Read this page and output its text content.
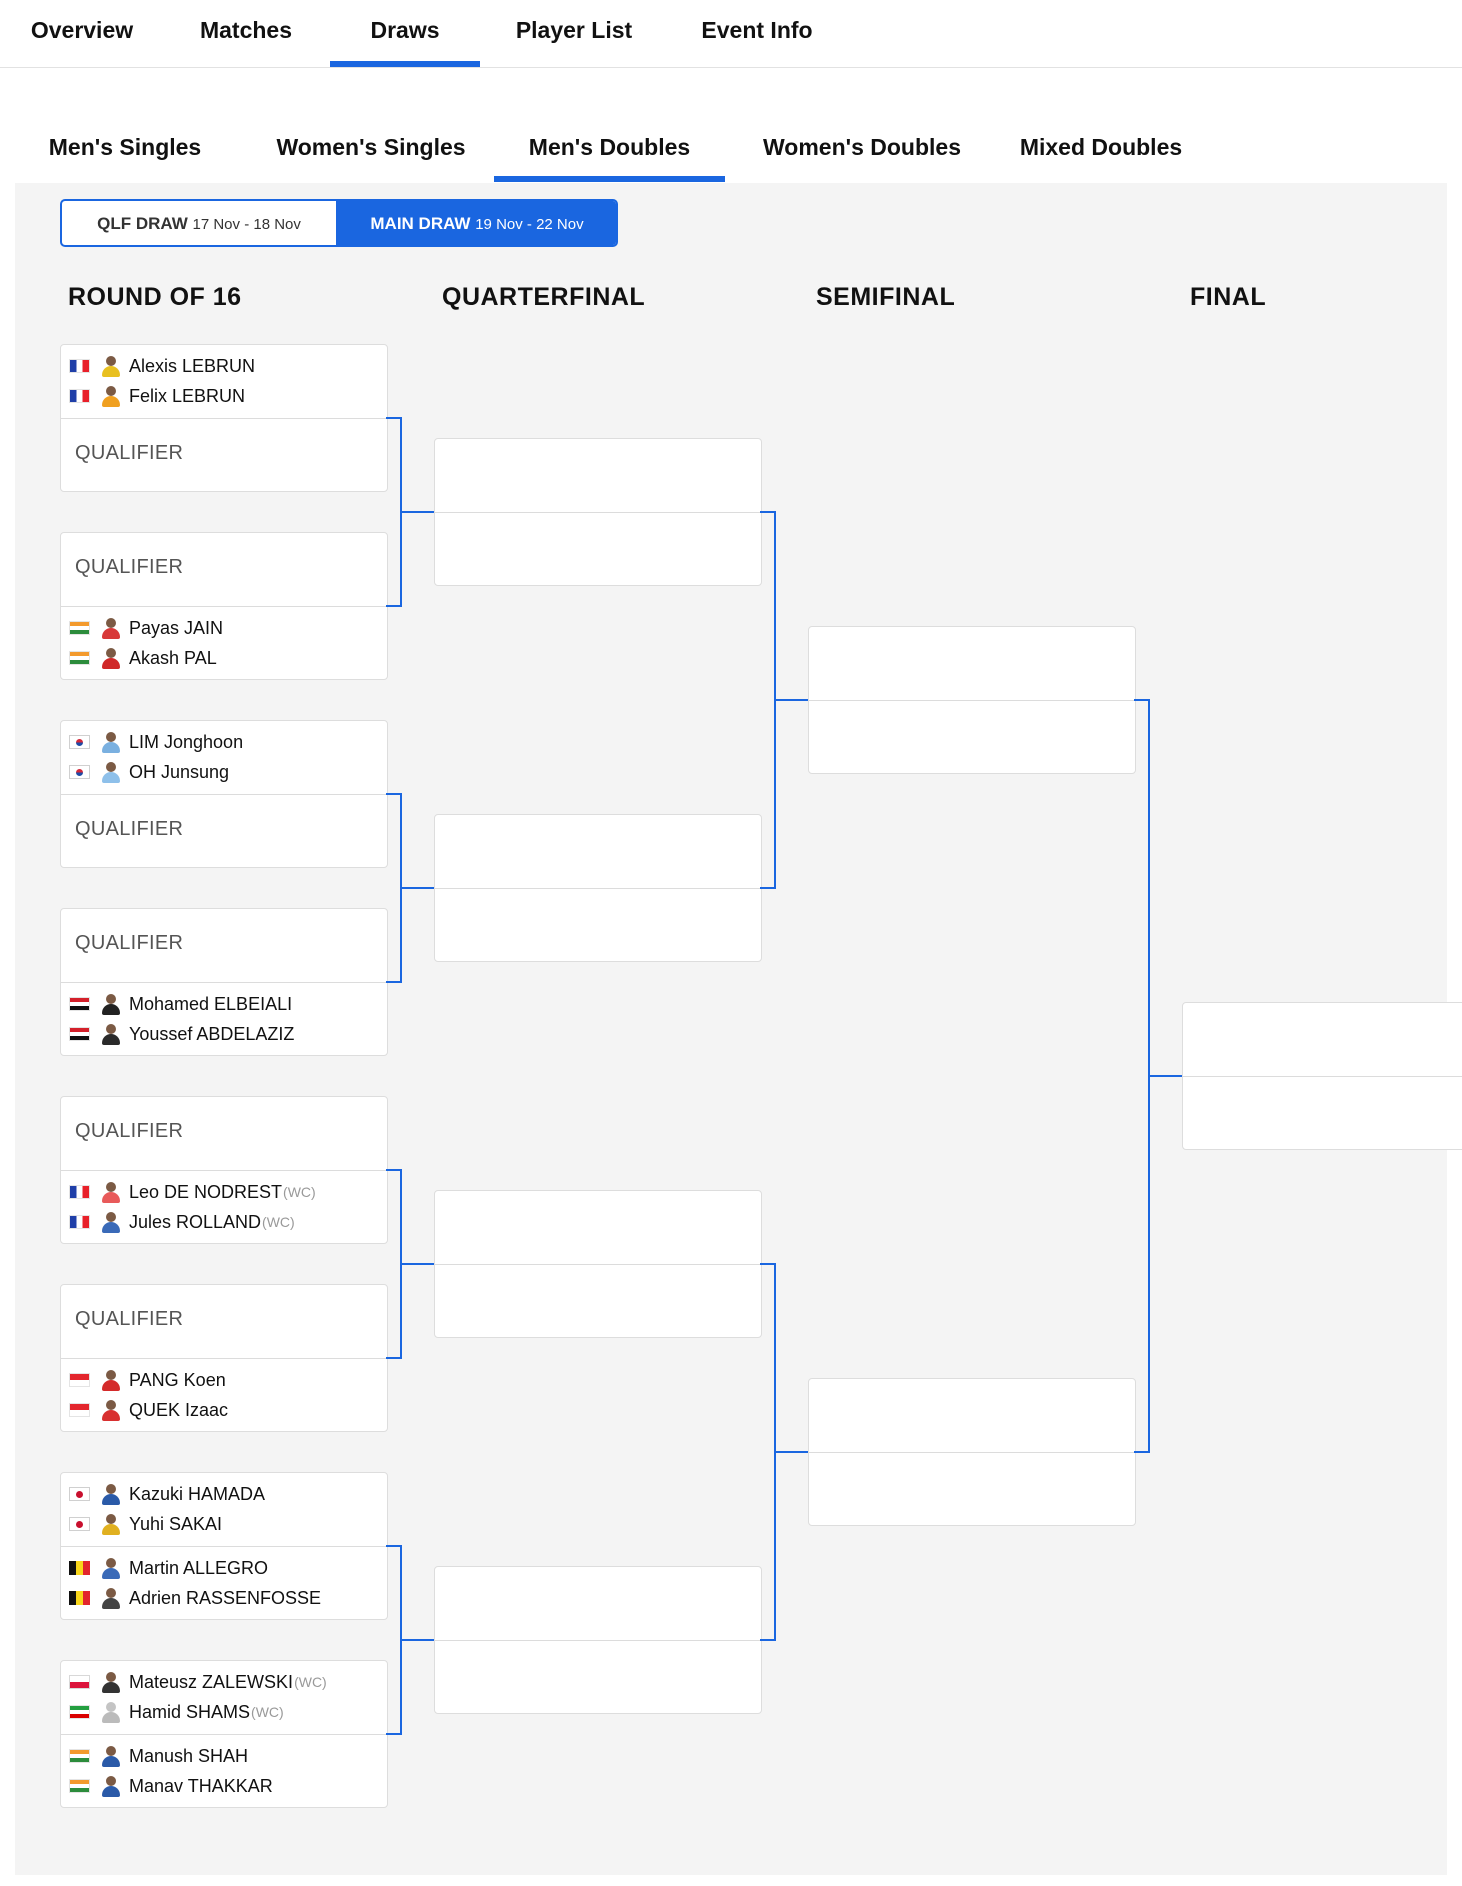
Overview	Matches	Draws	Player List	Event Info
Men's Singles	Women's Singles	Men's Doubles	Women's Doubles	Mixed Doubles
QLF DRAW 17 Nov - 18 Nov	MAIN DRAW 19 Nov - 22 Nov
ROUND OF 16	QUARTERFINAL	SEMIFINAL	FINAL
Alexis LEBRUN
Felix LEBRUN
QUALIFIER
QUALIFIER
Payas JAIN
Akash PAL
LIM Jonghoon
OH Junsung
QUALIFIER
QUALIFIER
Mohamed ELBEIALI
Youssef ABDELAZIZ
QUALIFIER
Leo DE NODREST (WC)
Jules ROLLAND (WC)
QUALIFIER
PANG Koen
QUEK Izaac
Kazuki HAMADA
Yuhi SAKAI
Martin ALLEGRO
Adrien RASSENFOSSE
Mateusz ZALEWSKI (WC)
Hamid SHAMS (WC)
Manush SHAH
Manav THAKKAR
